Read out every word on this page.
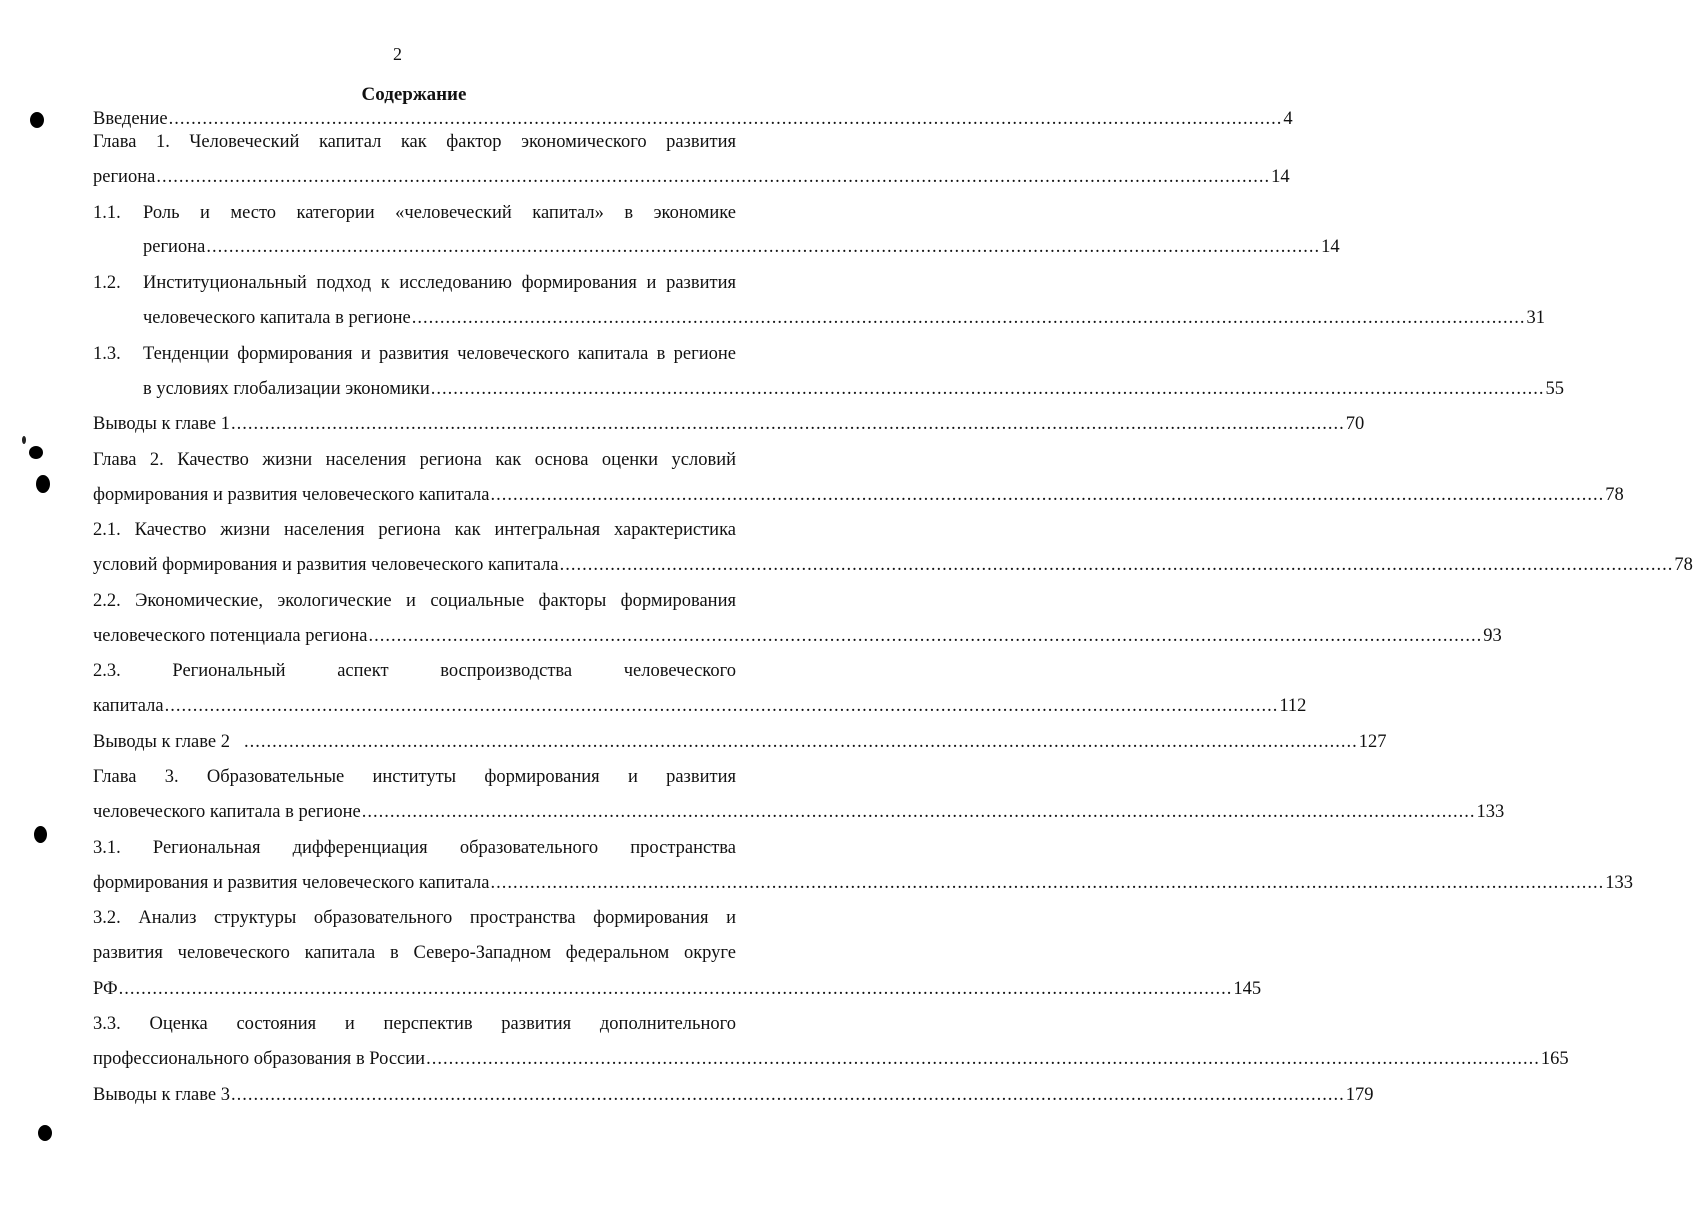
2
Содержание
Введение ...................................................................................................................................................................................................... 4
Глава 1. Человеческий капитал как фактор экономического развития
региона ...................................................................................................................................................................................................... 14
1.1. Роль и место категории «человеческий капитал» в экономике
региона ...................................................................................................................................................................................................... 14
1.2. Институциональный подход к исследованию формирования и развития
человеческого капитала в регионе ...................................................................................................................................................................................................... 31
1.3. Тенденции формирования и развития человеческого капитала в регионе
в условиях глобализации экономики ...................................................................................................................................................................................................... 55
Выводы к главе 1 ...................................................................................................................................................................................................... 70
Глава 2. Качество жизни населения региона как основа оценки условий
формирования и развития человеческого капитала ...................................................................................................................................................................................................... 78
2.1. Качество жизни населения региона как интегральная характеристика
условий формирования и развития человеческого капитала ...................................................................................................................................................................................................... 78
2.2. Экономические, экологические и социальные факторы формирования
человеческого потенциала региона ...................................................................................................................................................................................................... 93
2.3. Региональный аспект воспроизводства человеческого
капитала ...................................................................................................................................................................................................... 112
Выводы к главе 2 ...................................................................................................................................................................................................... 127
Глава 3. Образовательные институты формирования и развития
человеческого капитала в регионе ...................................................................................................................................................................................................... 133
3.1. Региональная дифференциация образовательного пространства
формирования и развития человеческого капитала ...................................................................................................................................................................................................... 133
3.2. Анализ структуры образовательного пространства формирования и
развития человеческого капитала в Северо-Западном федеральном округе
РФ ...................................................................................................................................................................................................... 145
3.3. Оценка состояния и перспектив развития дополнительного
профессионального образования в России ...................................................................................................................................................................................................... 165
Выводы к главе 3 ...................................................................................................................................................................................................... 179
